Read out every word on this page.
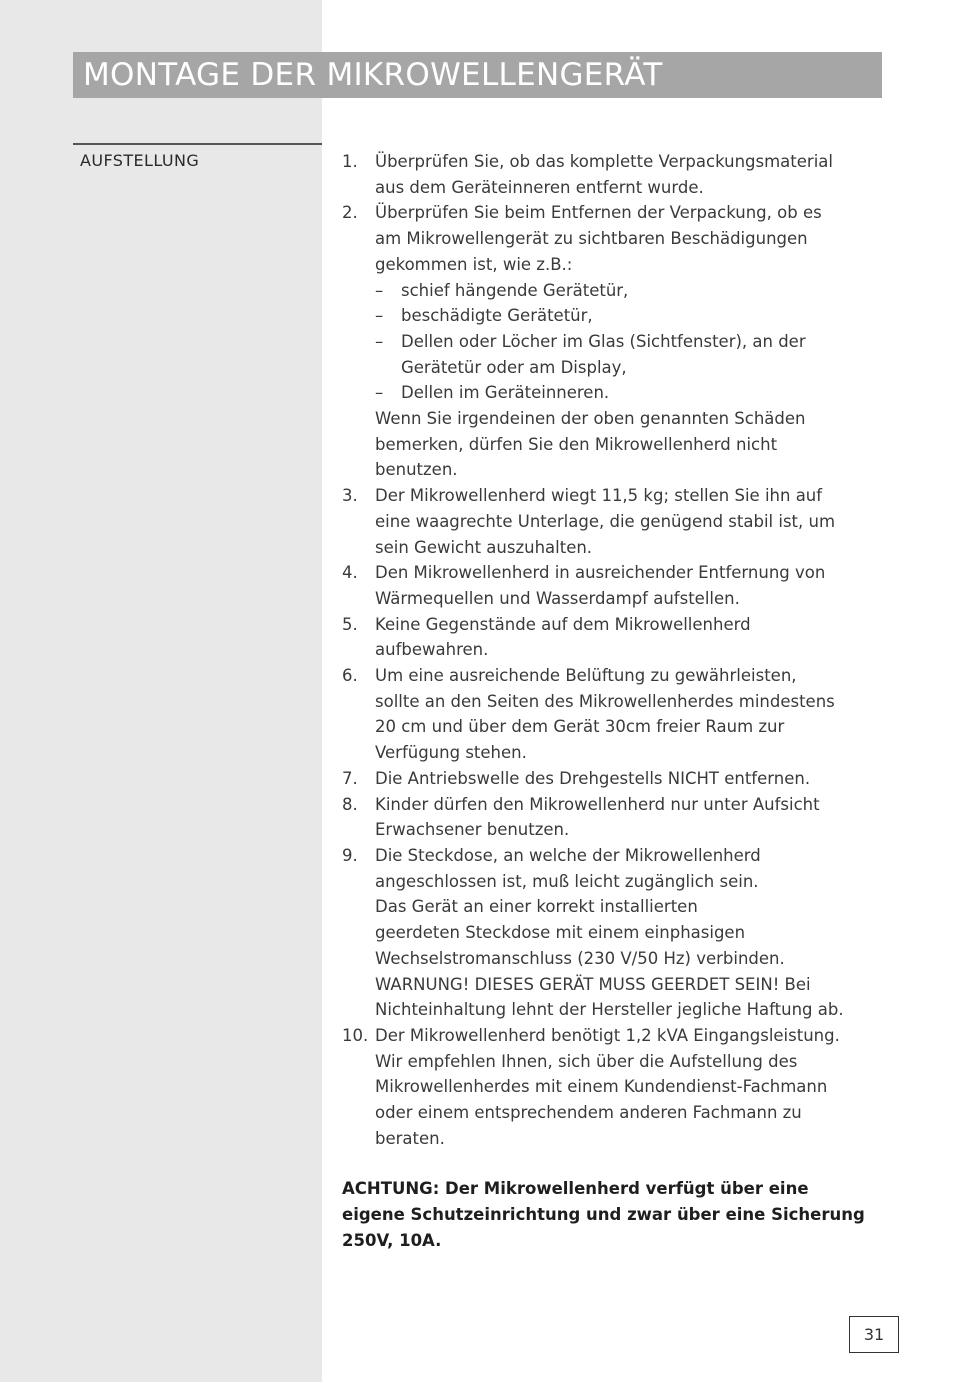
MONTAGE DER MIKROWELLENGERÄT
AUFSTELLUNG	1. Überprüfen Sie, ob das komplette Verpackungsmaterial
aus dem Geräteinneren entfernt wurde.
2. Überprüfen Sie beim Entfernen der Verpackung, ob es
am Mikrowellengerät zu sichtbaren Beschädigungen
gekommen ist, wie z.B.:
– schief hängende Gerätetür,
– beschädigte Gerätetür,
– Dellen oder Löcher im Glas (Sichtfenster), an der
Gerätetür oder am Display,
– Dellen im Geräteinneren.
Wenn Sie irgendeinen der oben genannten Schäden
bemerken, dürfen Sie den Mikrowellenherd nicht
benutzen.
3. Der Mikrowellenherd wiegt 11,5 kg; stellen Sie ihn auf
eine waagrechte Unterlage, die genügend stabil ist, um
sein Gewicht auszuhalten.
4. Den Mikrowellenherd in ausreichender Entfernung von
Wärmequellen und Wasserdampf aufstellen.
5. Keine Gegenstände auf dem Mikrowellenherd
aufbewahren.
6. Um eine ausreichende Belüftung zu gewährleisten,
sollte an den Seiten des Mikrowellenherdes mindestens
20 cm und über dem Gerät 30cm freier Raum zur
Verfügung stehen.
7. Die Antriebswelle des Drehgestells NICHT entfernen.
8. Kinder dürfen den Mikrowellenherd nur unter Aufsicht
Erwachsener benutzen.
9. Die Steckdose, an welche der Mikrowellenherd
angeschlossen ist, muß leicht zugänglich sein.
Das Gerät an einer korrekt installierten
geerdeten Steckdose mit einem einphasigen
Wechselstromanschluss (230 V/50 Hz) verbinden.
WARNUNG! DIESES GERÄT MUSS GEERDET SEIN! Bei
Nichteinhaltung lehnt der Hersteller jegliche Haftung ab.
10. Der Mikrowellenherd benötigt 1,2 kVA Eingangsleistung.
Wir empfehlen Ihnen, sich über die Aufstellung des
Mikrowellenherdes mit einem Kundendienst-Fachmann
oder einem entsprechendem anderen Fachmann zu
beraten.
ACHTUNG: Der Mikrowellenherd verfügt über eine
eigene Schutzeinrichtung und zwar über eine Sicherung
250V, 10A.
31
